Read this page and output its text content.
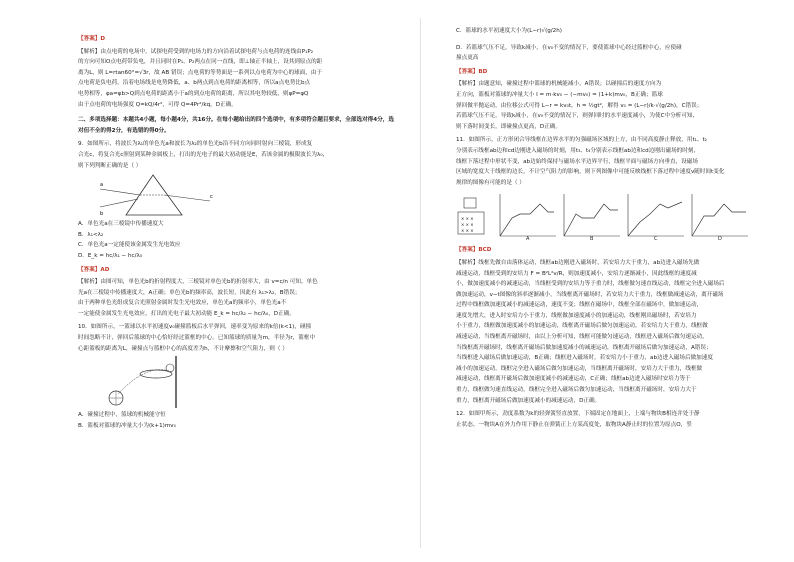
【答案】D

【解析】由点电荷的电场中，试探电荷受到的电场力的方向沿着试探电荷与点电荷的连线由P₁P₂

的方向可知O点电荷带负电，并且同时在P₁、P₂两点在同一直线，即⊥轴正半轴上，设其到原点的距

离为L，则 L=rtan60°=√3r，故 AB 错误；点电荷的等势面是一系列以点电荷为中心的球面，由于

点电荷是负电荷，沿着电场线是电势降低，a、b两点到点电荷的距离相等，所以a点电势比b点

电势相等，φa=φb>Q到点电荷的距离小于a的到点电荷的距离，所以其电势较低，则φP=φQ

由于点电荷的电场强度 Q=kQ/4r²，可得 Q=4Pr²/kq，D正确。

二、多项选择题：本题共4小题，每小题4分，共16分。在每小题给出的四个选项中，有多项符合题目要求，全部选对得4分，选对但不全的得2分，有选错的得0分。

9．如图所示，将波长为λ₁的单色光a和波长为λ₂的单色光b沿不同方向同时射向三棱镜，形成复

合光c，将复合光c照射到某种金属板上，打出的光电子的最大初动能是E，若该金属的极限波长为λ₀，

则下列判断正确的是（ ）

a
b
c

A．单色光a在三棱镜中传播速度大

B．λ₁<λ₂

C．单色光a一定能使该金属发生光电效应

D．E_k = hc/λ₁ − hc/λ₀

【答案】AD

【解析】由图可知，单色光b的折射程度大，三棱镜对单色光b的折射率大，由 v=c/n 可知，单色

光a在三棱镜中传播速度大，A正确；单色光b的频率高，波长短，因此有 λ₁>λ₂，B错误；

由于两种单色光组成复合光照射金属时发生光电效应，单色光a的频率小，单色光a不

一定能使金属发生光电效应，打出的光电子最大初动能 E_k = hc/λ₂ − hc/λ₀，D正确。

10．如图所示，一篮球以水平初速度v₀碰撞篮板后水平弹回，速率变为原来的k倍(k<1)，碰撞

时间忽略不计，弹回后篮球的中心恰好经过篮框的中心。已知篮球的质量为m，半径为r，篮框中

心距篮板的距离为L，碰撞点与篮框中心的高度差为h，不计摩擦和空气阻力，则（ ）

A．碰撞过程中，篮球的机械能守恒

B．篮板对篮球的冲量大小为(k+1)mv₀

C．篮球的水平初速度大小为(L−r)√(g/2h)

D．若篮球气压不足，导致k减小，在v₀不变的情况下，要使篮球中心经过篮框中心，应使碰

撞点更高

【答案】BD

【解析】由题意知，碰撞过程中篮球的机械能减小，A错误；以碰撞后的速度方向为

正方向，篮板对篮球的冲量大小 I = m·kv₀ − (−mv₀) = (1+k)mv₀，B正确；篮球

弹回做平抛运动，由位移公式可得 L−r = kv₀t，h = ½gt²，解得 v₀ = (L−r)/k·√(g/2h)，C错误；

若篮球气压不足，导致k减小，在v₀不变的情况下，则弹回时的水平速度减小，为使C中分析可知，

则下落时间变长，即碰撞点更高，D正确。

11．如图所示，正方形闭合导线框在边界水平的匀强磁场区域的上方，由不同高度静止释放，用t₁、t₂

分别表示线框ab边和cd边刚进入磁场的时刻，用t₃、t₄分别表示线框ab边和cd边刚出磁场的时刻，

线框下落过程中形状不变，ab边始终保持与磁场水平边界平行，线框平面与磁场方向垂直，设磁场

区域的宽度大于线框的边长，不计空气阻力的影响，则下列图像中可能反映线框下落过程中速度v随时间t变化

规律的图像有可能的是（ ）

× × ×
× × ×
× × ×
A	B	C	D

【答案】BCD

【解析】线框先做自由落体运动，线框ab边刚进入磁场时，若安培力大于重力，ab边进入磁场先做

减速运动，线框受到的安培力 F = B²L²v/R，则加速度减小，安培力逐渐减小，因此线框的速度减

小，做加速度减小的减速运动，当线框受到的安培力等于重力时，线框做匀速直线运动，线框完全进入磁场后

做加速运动，v−t图像的斜率逐渐减小，当线框离开磁场时，若安培力大于重力，线框做减速运动，离开磁场

过程中线框做加速度减小的减速运动，速度不变；线框在磁场中，线框全部在磁场中，做加速运动，

速度先增大，进入时安培力小于重力，线框做加速度减小的加速运动，线框刚出磁场时，若安培力

小于重力，线框做加速度减小的加速运动，线框离开磁场后做匀加速运动，若安培力大于重力，线框做

减速运动，当线框离开磁场时，由以上分析可知，线框可能做匀速运动，线框进入磁场后做匀速运动，

当线框离开磁场时，线框离开磁场后做加速度减小的减速运动，线框离开磁场后做匀加速运动，A错误；

当线框进入磁场后做加速运动，B正确；线框进入磁场时，若安培力小于重力，ab边进入磁场后做加速度

减小的加速运动，线框完全进入磁场后做匀加速运动，当线框离开磁场时，安培力大于重力，线框做

减速运动，线框离开磁场后做加速度减小的减速运动，C正确；线框ab边进入磁场时安培力等于

重力，线框做匀速直线运动，线框完全进入磁场后做匀加速运动，当线框离开磁场时，安培力大于

重力，线框离开磁场后做加速度减小的减速运动，D正确。

12．如图甲所示，劲度系数为k的轻弹簧竖直放置，下端固定在地面上，上端与物块B相连并处于静

止状态。一物块A在外力作用下静止在弹簧正上方某高度处，取物块A静止时的位置为原点O，竖
